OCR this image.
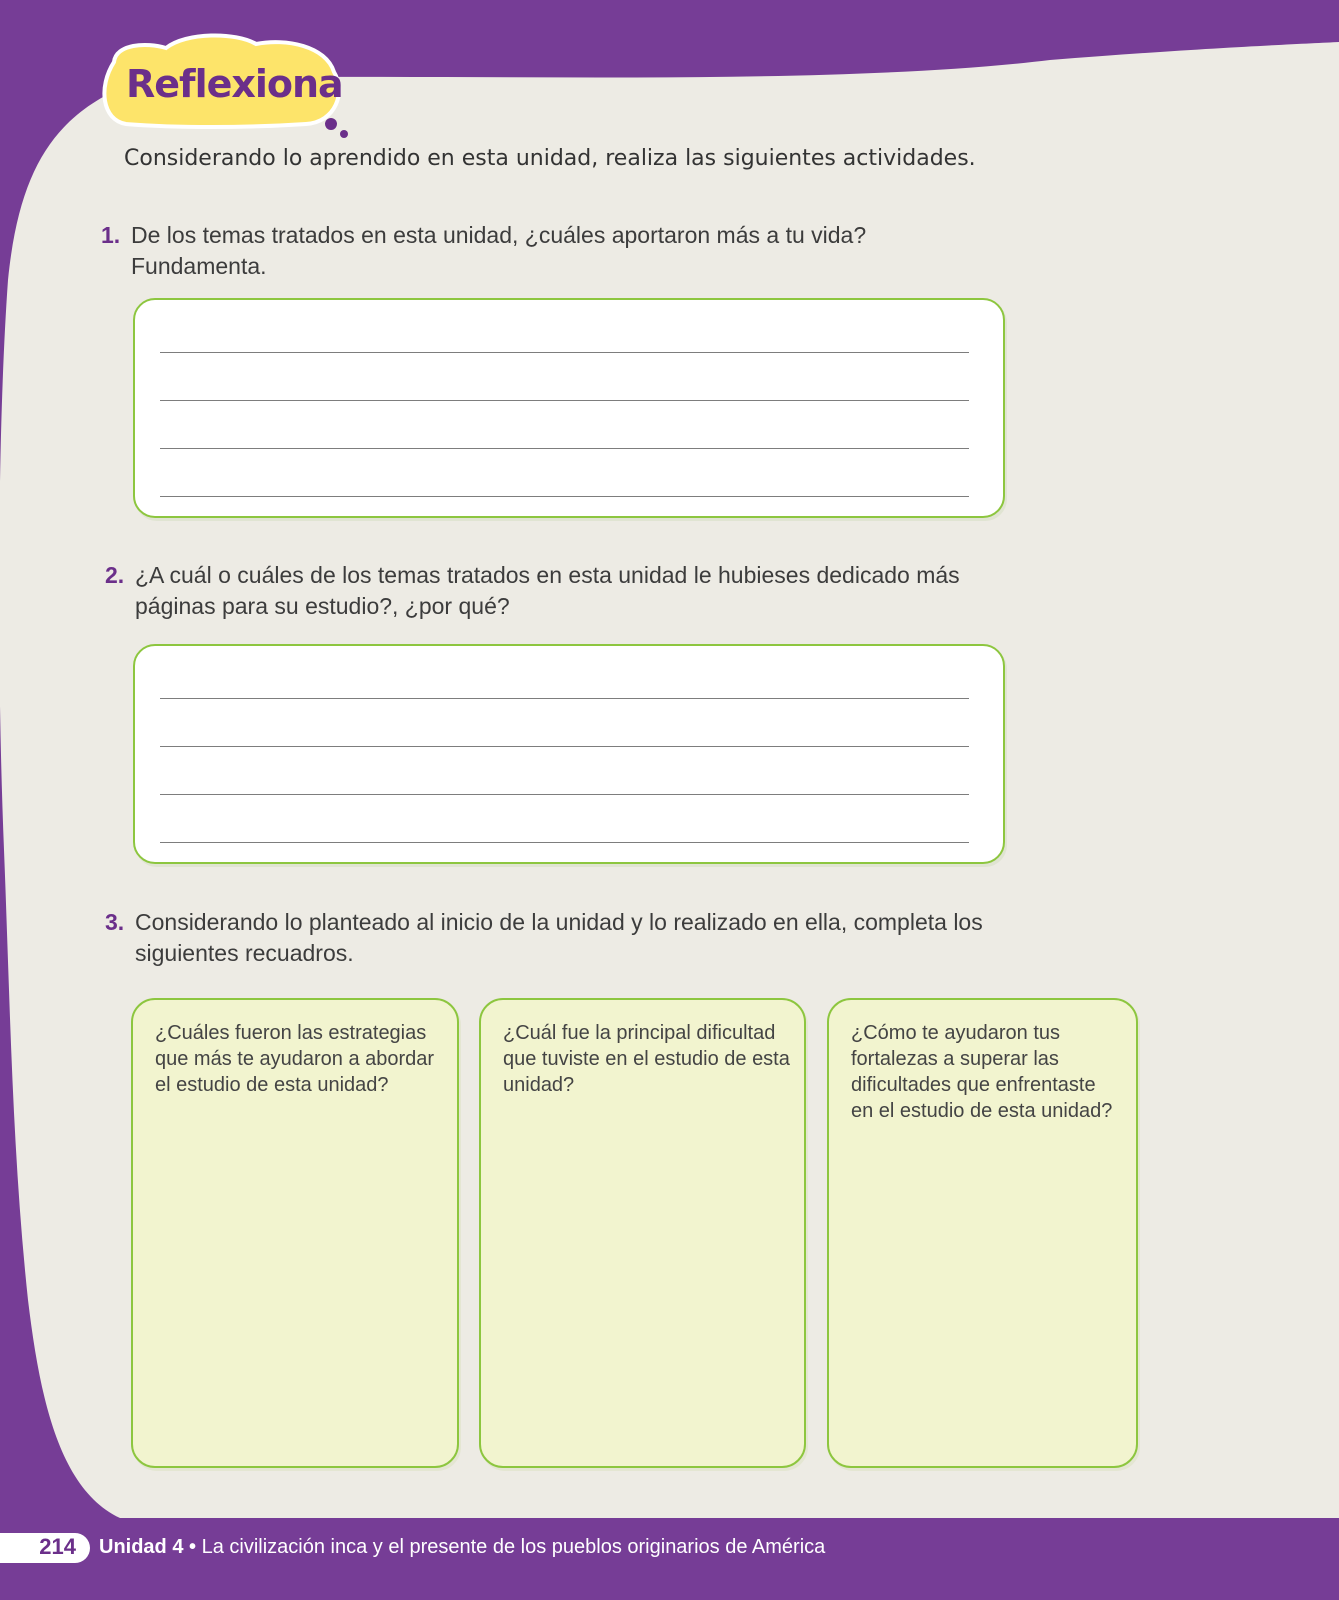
Reflexiona
Considerando lo aprendido en esta unidad, realiza las siguientes actividades.
1. De los temas tratados en esta unidad, ¿cuáles aportaron más a tu vida? Fundamenta.
2. ¿A cuál o cuáles de los temas tratados en esta unidad le hubieses dedicado más páginas para su estudio?, ¿por qué?
3. Considerando lo planteado al inicio de la unidad y lo realizado en ella, completa los siguientes recuadros.
¿Cuáles fueron las estrategias que más te ayudaron a abordar el estudio de esta unidad?
¿Cuál fue la principal dificultad que tuviste en el estudio de esta unidad?
¿Cómo te ayudaron tus fortalezas a superar las dificultades que enfrentaste en el estudio de esta unidad?
214 Unidad 4 • La civilización inca y el presente de los pueblos originarios de América
